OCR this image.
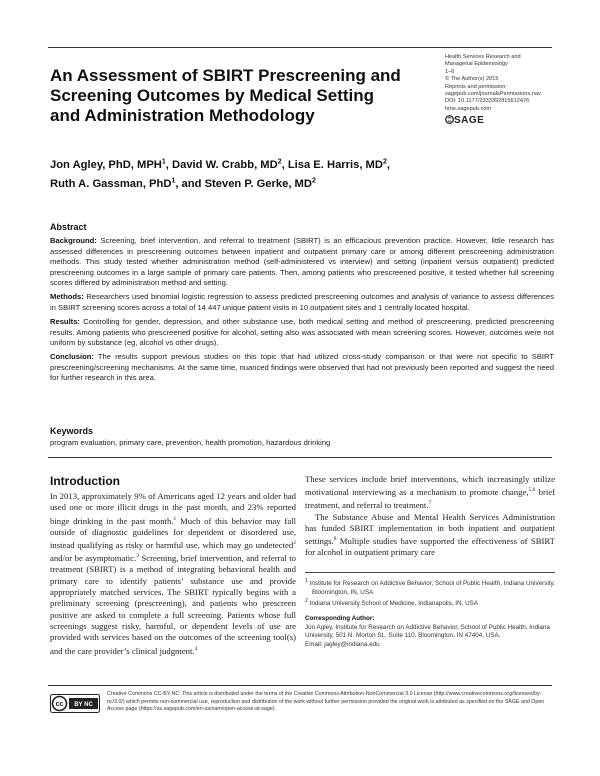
Health Services Research and
Managerial Epidemiology
1–6
© The Author(s) 2015
Reprints and permission:
sagepub.com/journalsPermissions.nav
DOI: 10.1177/2333392815612476
hme.sagepub.com
SAGE
An Assessment of SBIRT Prescreening and
Screening Outcomes by Medical Setting
and Administration Methodology
Jon Agley, PhD, MPH$^1$, David W. Crabb, $MD^2$, Lisa E. Harris, $MD^2$,
Ruth A. Gassman, PhD$^1$, and Steven P. Gerke, $MD^2$
Abstract

Background: Screening, brief intervention, and referral to treatment (SBIRT) is an efficacious prevention practice. However, little research has assessed differences in prescreening outcomes between inpatient and outpatient primary care or among different prescreening administration methods. This study tested whether administration method (self-administered vs interview) and setting (inpatient versus outpatient) predicted prescreening outcomes in a large sample of primary care patients. Then, among patients who prescreened positive, it tested whether full screening scores differed by administration method and setting.

Methods: Researchers used binomial logistic regression to assess predicted prescreening outcomes and analysis of variance to assess differences in SBIRT screening scores across a total of 14 447 unique patient visits in 10 outpatient sites and 1 centrally located hospital.

Results: Controlling for gender, depression, and other substance use, both medical setting and method of prescreening, predicted prescreening results. Among patients who prescreened positive for alcohol, setting also was associated with mean screening scores. However, outcomes were not uniform by substance (eg, alcohol vs other drugs).

Conclusion: The results support previous studies on this topic that had utilized cross-study comparison or that were not specific to SBIRT prescreening/screening mechanisms. At the same time, nuanced findings were observed that had not previously been reported and suggest the need for further research in this area.

Keywords
program evaluation, primary care, prevention, health promotion, hazardous drinking
Introduction

In 2013, approximately 9% of Americans aged 12 years and older had used one or more illicit drugs in the past month, and 23% reported binge drinking in the past month.$^1$ Much of this behavior may fall outside of diagnostic guidelines for dependent or disordered use, instead qualifying as risky or harmful use, which may go undetected$^2$ and/or be asymptomatic.$^3$ Screening, brief intervention, and referral to treatment (SBIRT) is a method of integrating behavioral health and primary care to identify patients’ substance use and provide appropriately matched services. The SBIRT typically begins with a preliminary screening (prescreening), and patients who prescreen positive are asked to complete a full screening. Patients whose full screenings suggest risky, harmful, or dependent levels of use are provided with services based on the outcomes of the screening tool(s) and the care provider’s clinical judgment.$^4$

These services include brief interventions, which increasingly utilize motivational interviewing as a mechanism to promote change,$^{5,6}$ brief treatment, and referral to treatment.$^7$

The Substance Abuse and Mental Health Services Administration has funded SBIRT implementation in both inpatient and outpatient settings.$^8$ Multiple studies have supported the effectiveness of SBIRT for alcohol in outpatient primary care

$^1$ Institute for Research on Addictive Behavior, School of Public Health, Indiana University, Bloomington, IN, USA

$^2$ Indiana University School of Medicine, Indianapolis, IN, USA

Corresponding Author:
Jon Agley, Institute for Research on Addictive Behavior, School of Public Health, Indiana University, 501 N. Morton St., Suite 110, Bloomington, IN 47404, USA.
Email: jagley@indiana.edu
cc BY NC
Creative Commons CC-BY-NC: This article is distributed under the terms of the Creative Commons Attribution-NonCommercial 3.0 License (http://www.creativecommons.org/licenses/by-nc/3.0/) which permits non-commercial use, reproduction and distribution of the work without further permission provided the original work is attributed as specified on the SAGE and Open Access page (https://us.sagepub.com/en-us/nam/open-access-at-sage).
